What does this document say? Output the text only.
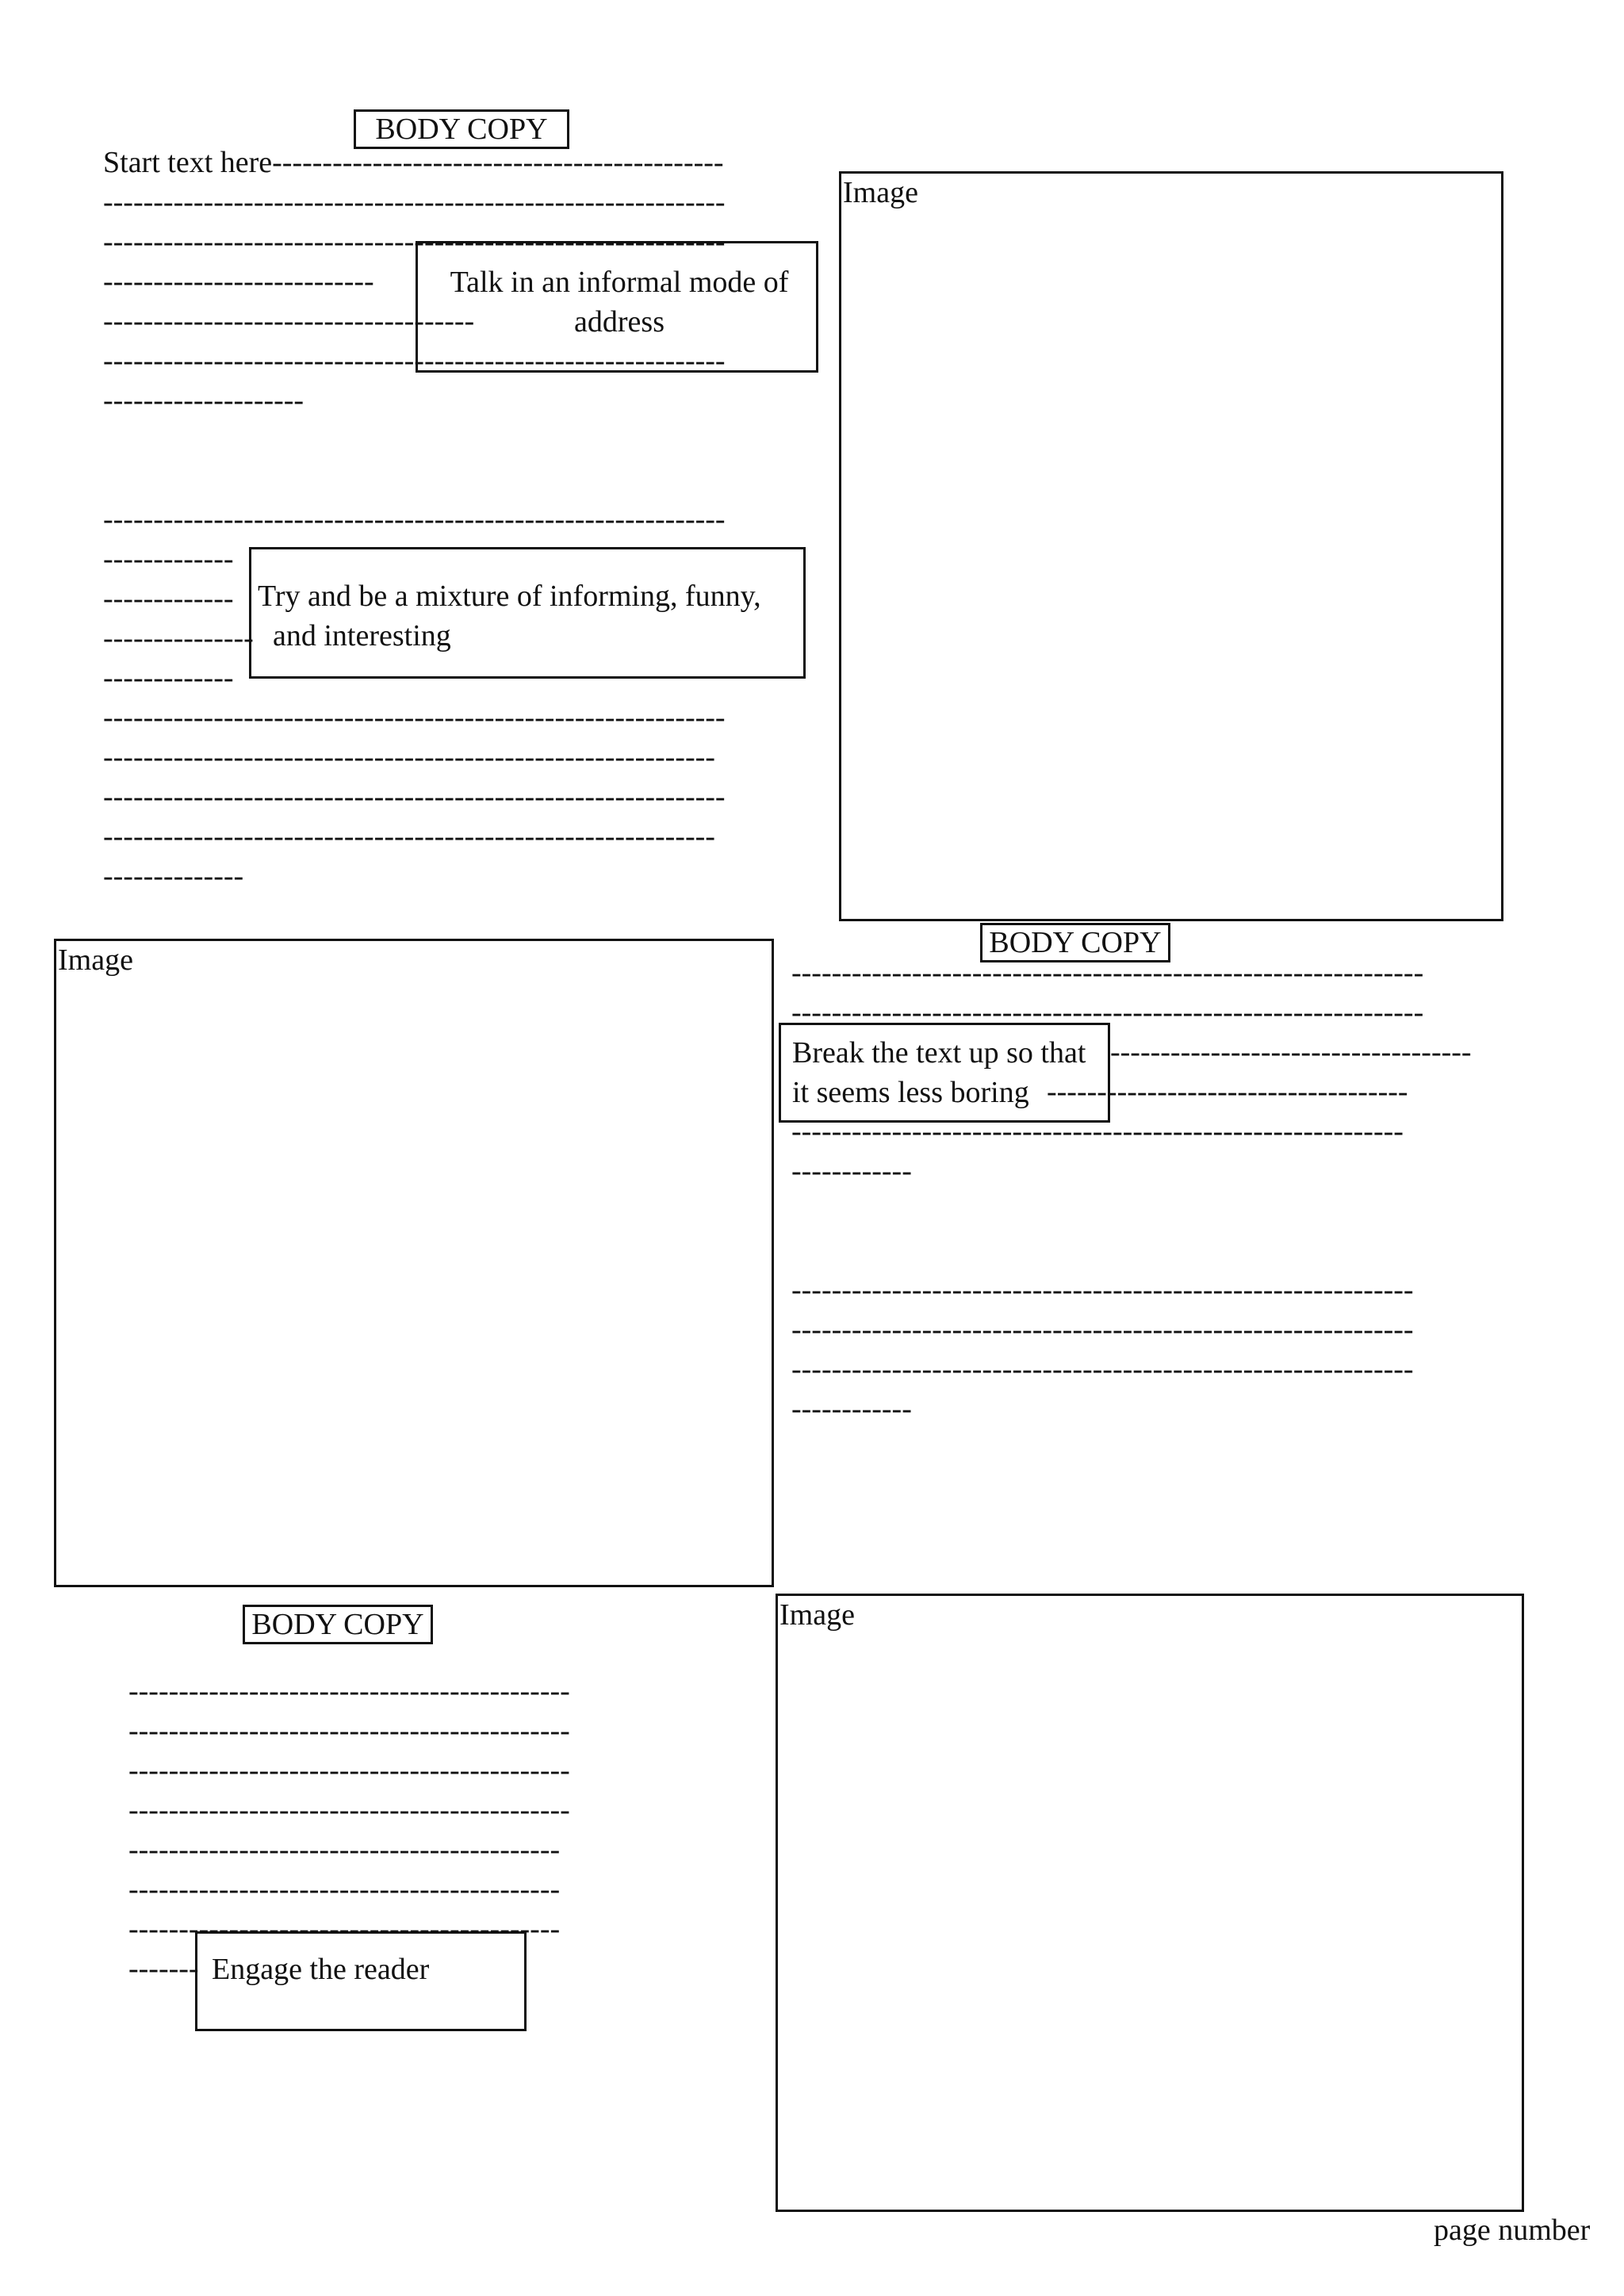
BODY COPY
Start text here---------------------------------------------
--------------------------------------------------------------
--------------------------------------------------------------
---------------------------
-------------------------------------
--------------------------------------------------------------
--------------------
Talk in an informal mode of
address
--------------------------------------------------------------
-------------
-------------
---------------
-------------
--------------------------------------------------------------
-------------------------------------------------------------
--------------------------------------------------------------
-------------------------------------------------------------
--------------
Try and be a mixture of informing, funny,
and interesting
Image
Image
BODY COPY
---------------------------------------------------------------
---------------------------------------------------------------
------------------------------------
------------------------------------
-------------------------------------------------------------
------------
--------------------------------------------------------------
--------------------------------------------------------------
--------------------------------------------------------------
------------
Break the text up so that
it seems less boring
BODY COPY
--------------------------------------------
--------------------------------------------
--------------------------------------------
--------------------------------------------
-------------------------------------------
-------------------------------------------
-------------------------------------------
------- Engage the reader
Image
page number
